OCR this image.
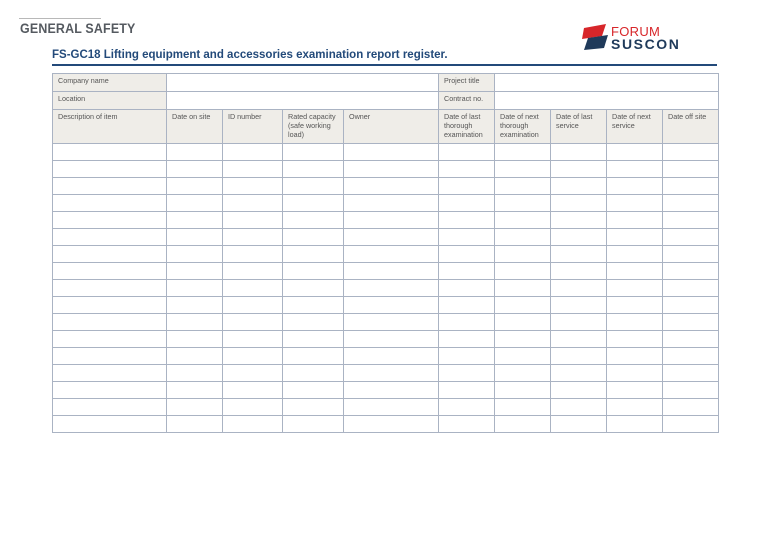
GENERAL SAFETY	FORUM
SUSCON
FS-GC18 Lifting equipment and accessories examination report register.
Company name					Project title				
Location					Contract no.				
Description of item	Date on site	ID number	Rated capacity (safe working load)	Owner	Date of last thorough examination	Date of next thorough examination	Date of last service	Date of next service	Date off site
